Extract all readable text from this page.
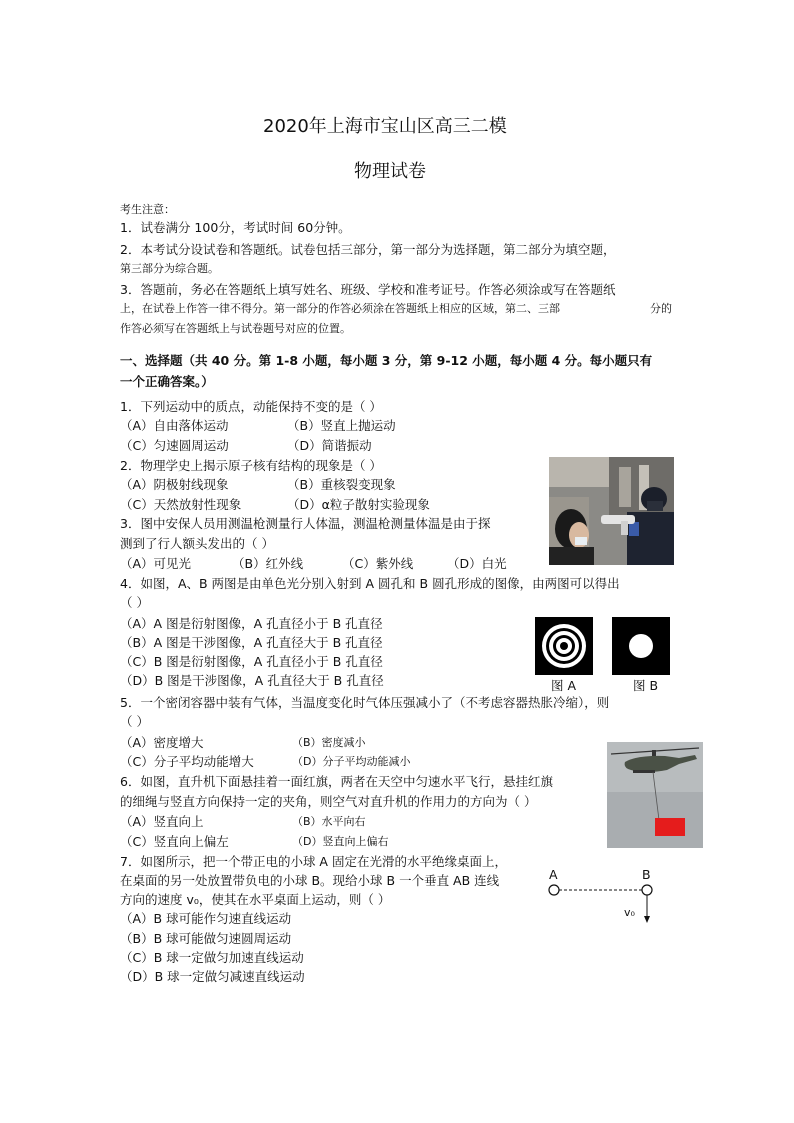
2020年上海市宝山区高三二模
物理试卷
考生注意：
1．试卷满分 100分，考试时间 60分钟。
2．本考试分设试卷和答题纸。试卷包括三部分，第一部分为选择题，第二部分为填空题，
第三部分为综合题。
3．答题前，务必在答题纸上填写姓名、班级、学校和准考证号。作答必须涂或写在答题纸
上，在试卷上作答一律不得分。第一部分的作答必须涂在答题纸上相应的区域，第二、三部	分的
作答必须写在答题纸上与试卷题号对应的位置。
一、选择题（共 40 分。第 1-8 小题，每小题 3 分，第 9-12 小题，每小题 4 分。每小题只有
一个正确答案。）
1．下列运动中的质点，动能保持不变的是（ ）
（A）自由落体运动	（B）竖直上抛运动
（C）匀速圆周运动	（D）简谐振动
2．物理学史上揭示原子核有结构的现象是（ ）
（A）阴极射线现象	（B）重核裂变现象
（C）天然放射性现象	（D）α粒子散射实验现象
3．图中安保人员用测温枪测量行人体温，测温枪测量体温是由于探
测到了行人额头发出的（ ）
（A）可见光	（B）红外线	（C）紫外线	（D）白光
4．如图，A、B 两图是由单色光分别入射到 A 圆孔和 B 圆孔形成的图像，由两图可以得出
（ ）
（A）A 图是衍射图像，A 孔直径小于 B 孔直径
（B）A 图是干涉图像，A 孔直径大于 B 孔直径
（C）B 图是衍射图像，A 孔直径小于 B 孔直径
（D）B 图是干涉图像，A 孔直径大于 B 孔直径	图 A	图 B
5．一个密闭容器中装有气体，当温度变化时气体压强减小了（不考虑容器热胀冷缩），则
（ ）
（A）密度增大	（B）密度减小
（C）分子平均动能增大	（D）分子平均动能减小
6．如图，直升机下面悬挂着一面红旗，两者在天空中匀速水平飞行，悬挂红旗
的细绳与竖直方向保持一定的夹角，则空气对直升机的作用力的方向为（ ）
（A）竖直向上	（B）水平向右
（C）竖直向上偏左	（D）竖直向上偏右
7．如图所示，把一个带正电的小球 A 固定在光滑的水平绝缘桌面上，
在桌面的另一处放置带负电的小球 B。现给小球 B 一个垂直 AB 连线
方向的速度 v₀，使其在水平桌面上运动，则（ ）
（A）B 球可能作匀速直线运动
（B）B 球可能做匀速圆周运动
（C）B 球一定做匀加速直线运动
（D）B 球一定做匀减速直线运动
A	B
v₀
